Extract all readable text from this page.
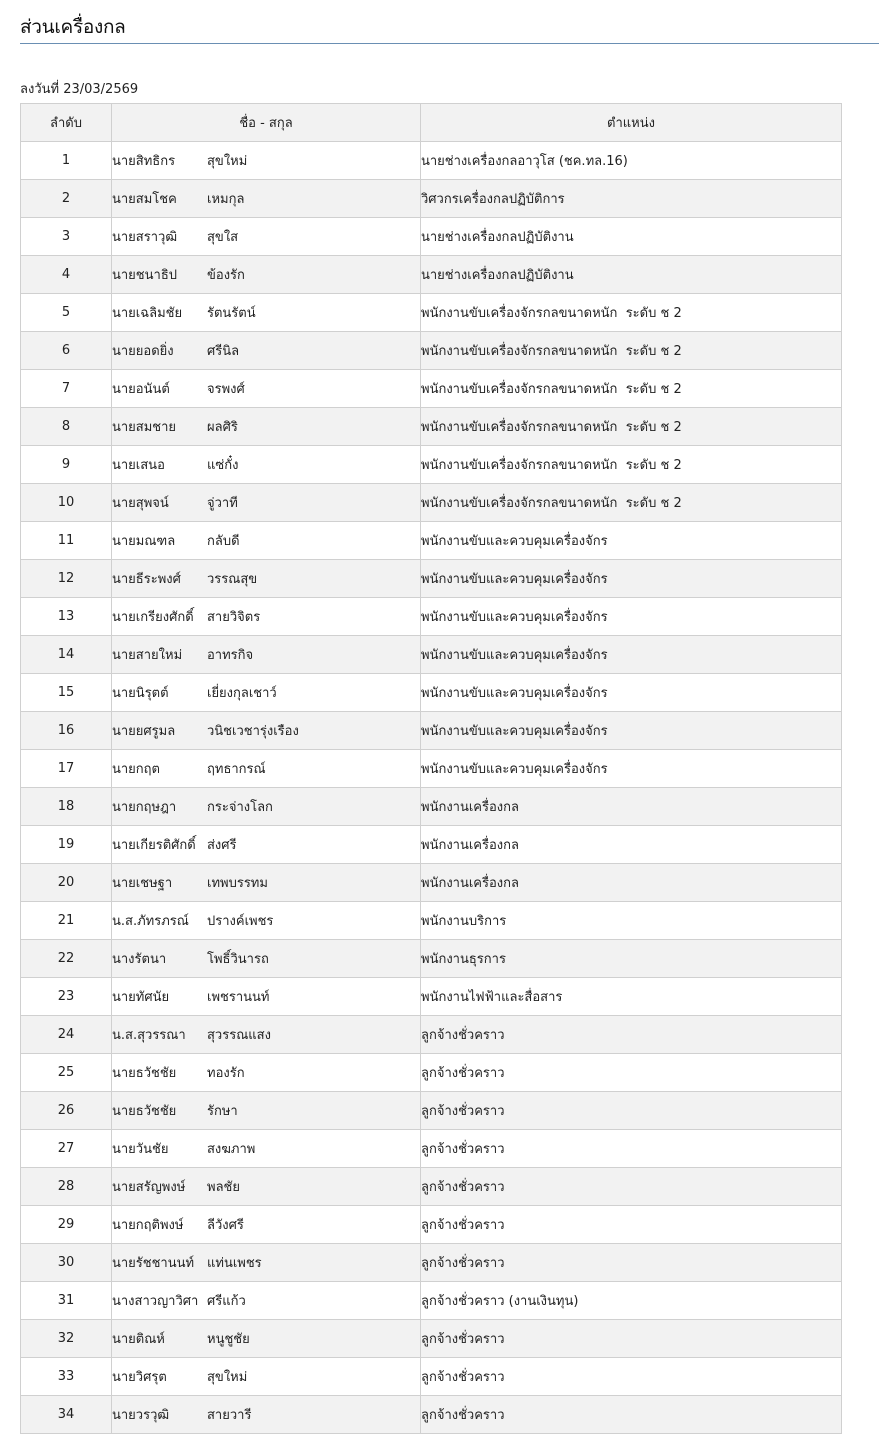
ส่วนเครื่องกล
ลงวันที่ 23/03/2569
ลำดับ	ชื่อ - สกุล	ตำแหน่ง
1	นายสิทธิกร สุขใหม่	นายช่างเครื่องกลอาวุโส (ชค.ทล.16)
2	นายสมโชค เหมกุล	วิศวกรเครื่องกลปฏิบัติการ
3	นายสราวุฒิ สุขใส	นายช่างเครื่องกลปฏิบัติงาน
4	นายชนาธิป ข้องรัก	นายช่างเครื่องกลปฏิบัติงาน
5	นายเฉลิมชัย รัตนรัตน์	พนักงานขับเครื่องจักรกลขนาดหนัก  ระดับ ช 2
6	นายยอดยิ่ง ศรีนิล	พนักงานขับเครื่องจักรกลขนาดหนัก  ระดับ ช 2
7	นายอนันต์ จรพงศ์	พนักงานขับเครื่องจักรกลขนาดหนัก  ระดับ ช 2
8	นายสมชาย ผลศิริ	พนักงานขับเครื่องจักรกลขนาดหนัก  ระดับ ช 2
9	นายเสนอ แซ่กั๋ง	พนักงานขับเครื่องจักรกลขนาดหนัก  ระดับ ช 2
10	นายสุพจน์ จู่วาที	พนักงานขับเครื่องจักรกลขนาดหนัก  ระดับ ช 2
11	นายมณฑล กลับดี	พนักงานขับและควบคุมเครื่องจักร
12	นายธีระพงศ์ วรรณสุข	พนักงานขับและควบคุมเครื่องจักร
13	นายเกรียงศักดิ์ สายวิจิตร	พนักงานขับและควบคุมเครื่องจักร
14	นายสายใหม่ อาทรกิจ	พนักงานขับและควบคุมเครื่องจักร
15	นายนิรุตต์ เยี่ยงกุลเชาว์	พนักงานขับและควบคุมเครื่องจักร
16	นายยศรูมล วนิชเวชารุ่งเรือง	พนักงานขับและควบคุมเครื่องจักร
17	นายกฤต ฤทธากรณ์	พนักงานขับและควบคุมเครื่องจักร
18	นายกฤษฎา กระจ่างโลก	พนักงานเครื่องกล
19	นายเกียรติศักดิ์ ส่งศรี	พนักงานเครื่องกล
20	นายเชษฐา เทพบรรทม	พนักงานเครื่องกล
21	น.ส.ภัทรภรณ์ ปรางค์เพชร	พนักงานบริการ
22	นางรัตนา โพธิ์วินารถ	พนักงานธุรการ
23	นายทัศนัย เพชรานนท์	พนักงานไฟฟ้าและสื่อสาร
24	น.ส.สุวรรณา สุวรรณแสง	ลูกจ้างชั่วคราว
25	นายธวัชชัย ทองรัก	ลูกจ้างชั่วคราว
26	นายธวัชชัย รักษา	ลูกจ้างชั่วคราว
27	นายวันชัย สงฆภาพ	ลูกจ้างชั่วคราว
28	นายสรัญพงษ์ พลชัย	ลูกจ้างชั่วคราว
29	นายกฤติพงษ์ ลีวังศรี	ลูกจ้างชั่วคราว
30	นายรัชชานนท์ แท่นเพชร	ลูกจ้างชั่วคราว
31	นางสาวญาวิศา ศรีแก้ว	ลูกจ้างชั่วคราว (งานเงินทุน)
32	นายติณห์ หนูชูชัย	ลูกจ้างชั่วคราว
33	นายวิศรุต สุขใหม่	ลูกจ้างชั่วคราว
34	นายวรวุฒิ สายวารี	ลูกจ้างชั่วคราว
